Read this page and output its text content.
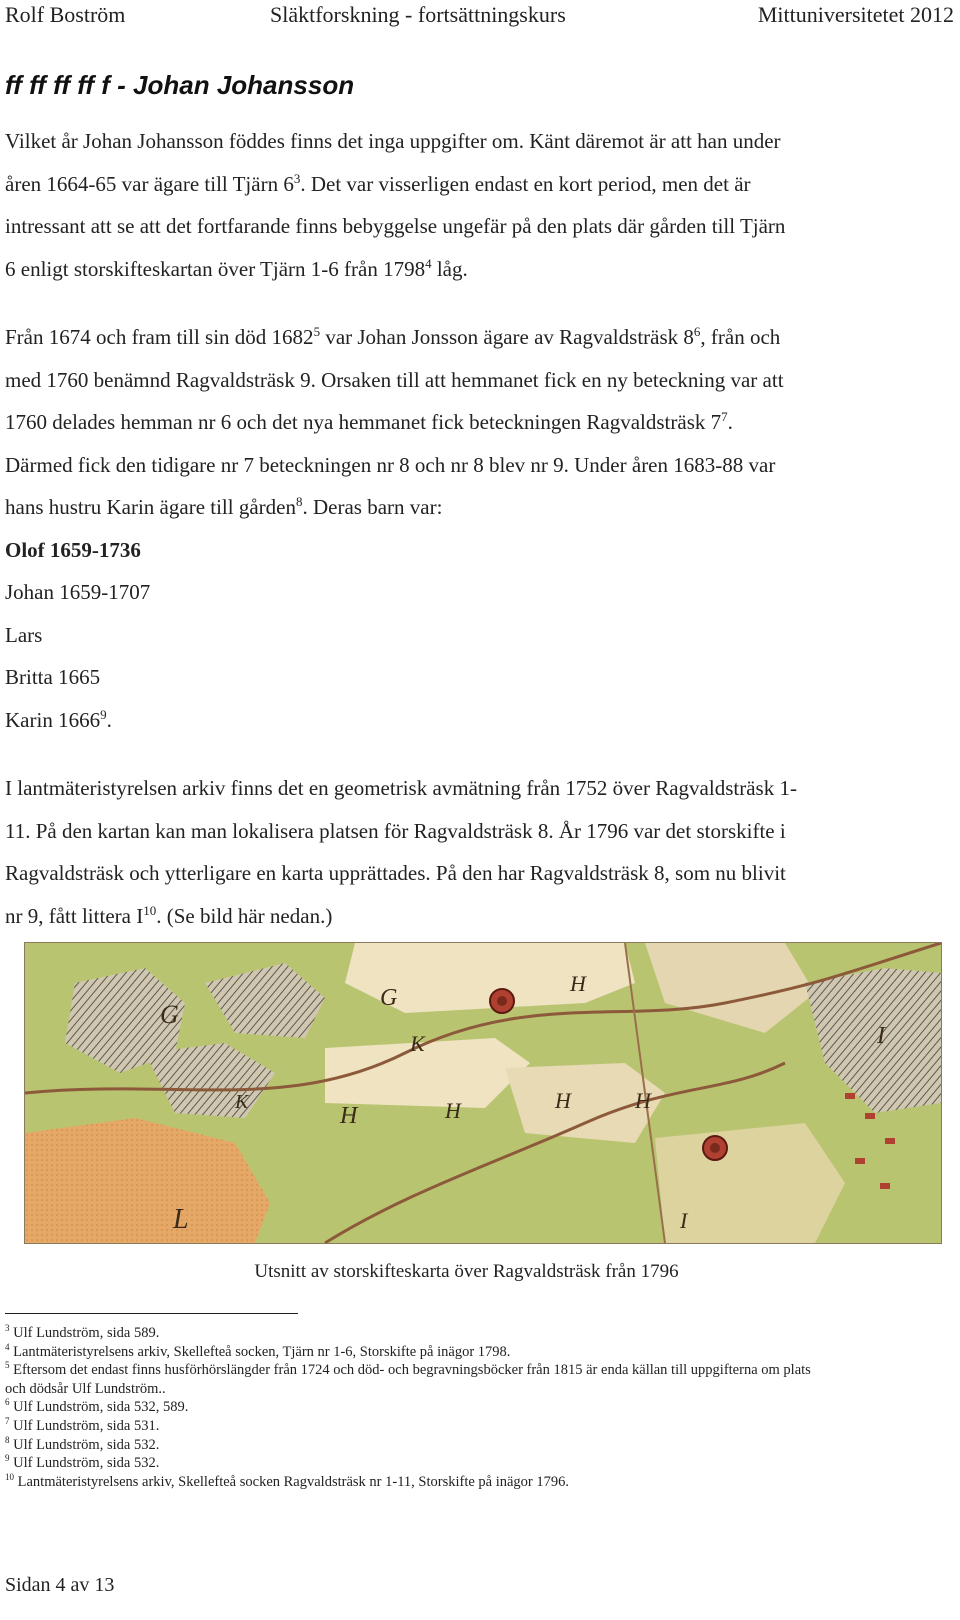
Rolf Boström	Släktforskning - fortsättningskurs	Mittuniversitetet 2012
ff ff ff ff f - Johan Johansson
Vilket år Johan Johansson föddes finns det inga uppgifter om. Känt däremot är att han under
åren 1664-65 var ägare till Tjärn $6^3$. Det var visserligen endast en kort period, men det är
intressant att se att det fortfarande finns bebyggelse ungefär på den plats där gården till Tjärn
6 enligt storskifteskartan över Tjärn 1-6 från 1798$^4$ låg.
Från 1674 och fram till sin död 1682$^5$ var Johan Jonsson ägare av Ragvaldsträsk $8^6$, från och
med 1760 benämnd Ragvaldsträsk 9. Orsaken till att hemmanet fick en ny beteckning var att
1760 delades hemman nr 6 och det nya hemmanet fick beteckningen Ragvaldsträsk $7^7$.
Därmed fick den tidigare nr 7 beteckningen nr 8 och nr 8 blev nr 9. Under åren 1683-88 var
hans hustru Karin ägare till gården$^8$. Deras barn var:
Olof 1659-1736
Johan 1659-1707
Lars
Britta 1665
Karin 1666$^9$.
I lantmäteristyrelsen arkiv finns det en geometrisk avmätning från 1752 över Ragvaldsträsk 1-
11. På den kartan kan man lokalisera platsen för Ragvaldsträsk 8. År 1796 var det storskifte i
Ragvaldsträsk och ytterligare en karta upprättades. På den har Ragvaldsträsk 8, som nu blivit
nr 9, fått littera $I^{10}$. (Se bild här nedan.)
G
G
K
K
H
H
H	H	H
L	I
I
Utsnitt av storskifteskarta över Ragvaldsträsk från 1796
$^3$ Ulf Lundström, sida 589.
$^4$ Lantmäteristyrelsens arkiv, Skellefteå socken, Tjärn nr 1-6, Storskifte på inägor 1798.
$^5$ Eftersom det endast finns husförhörslängder från 1724 och död- och begravningsböcker från 1815 är enda källan till uppgifterna om plats
och dödsår Ulf Lundström..
$^6$ Ulf Lundström, sida 532, 589.
$^7$ Ulf Lundström, sida 531.
$^8$ Ulf Lundström, sida 532.
$^9$ Ulf Lundström, sida 532.
$^{10}$ Lantmäteristyrelsens arkiv, Skellefteå socken Ragvaldsträsk nr 1-11, Storskifte på inägor 1796.
Sidan 4 av 13
